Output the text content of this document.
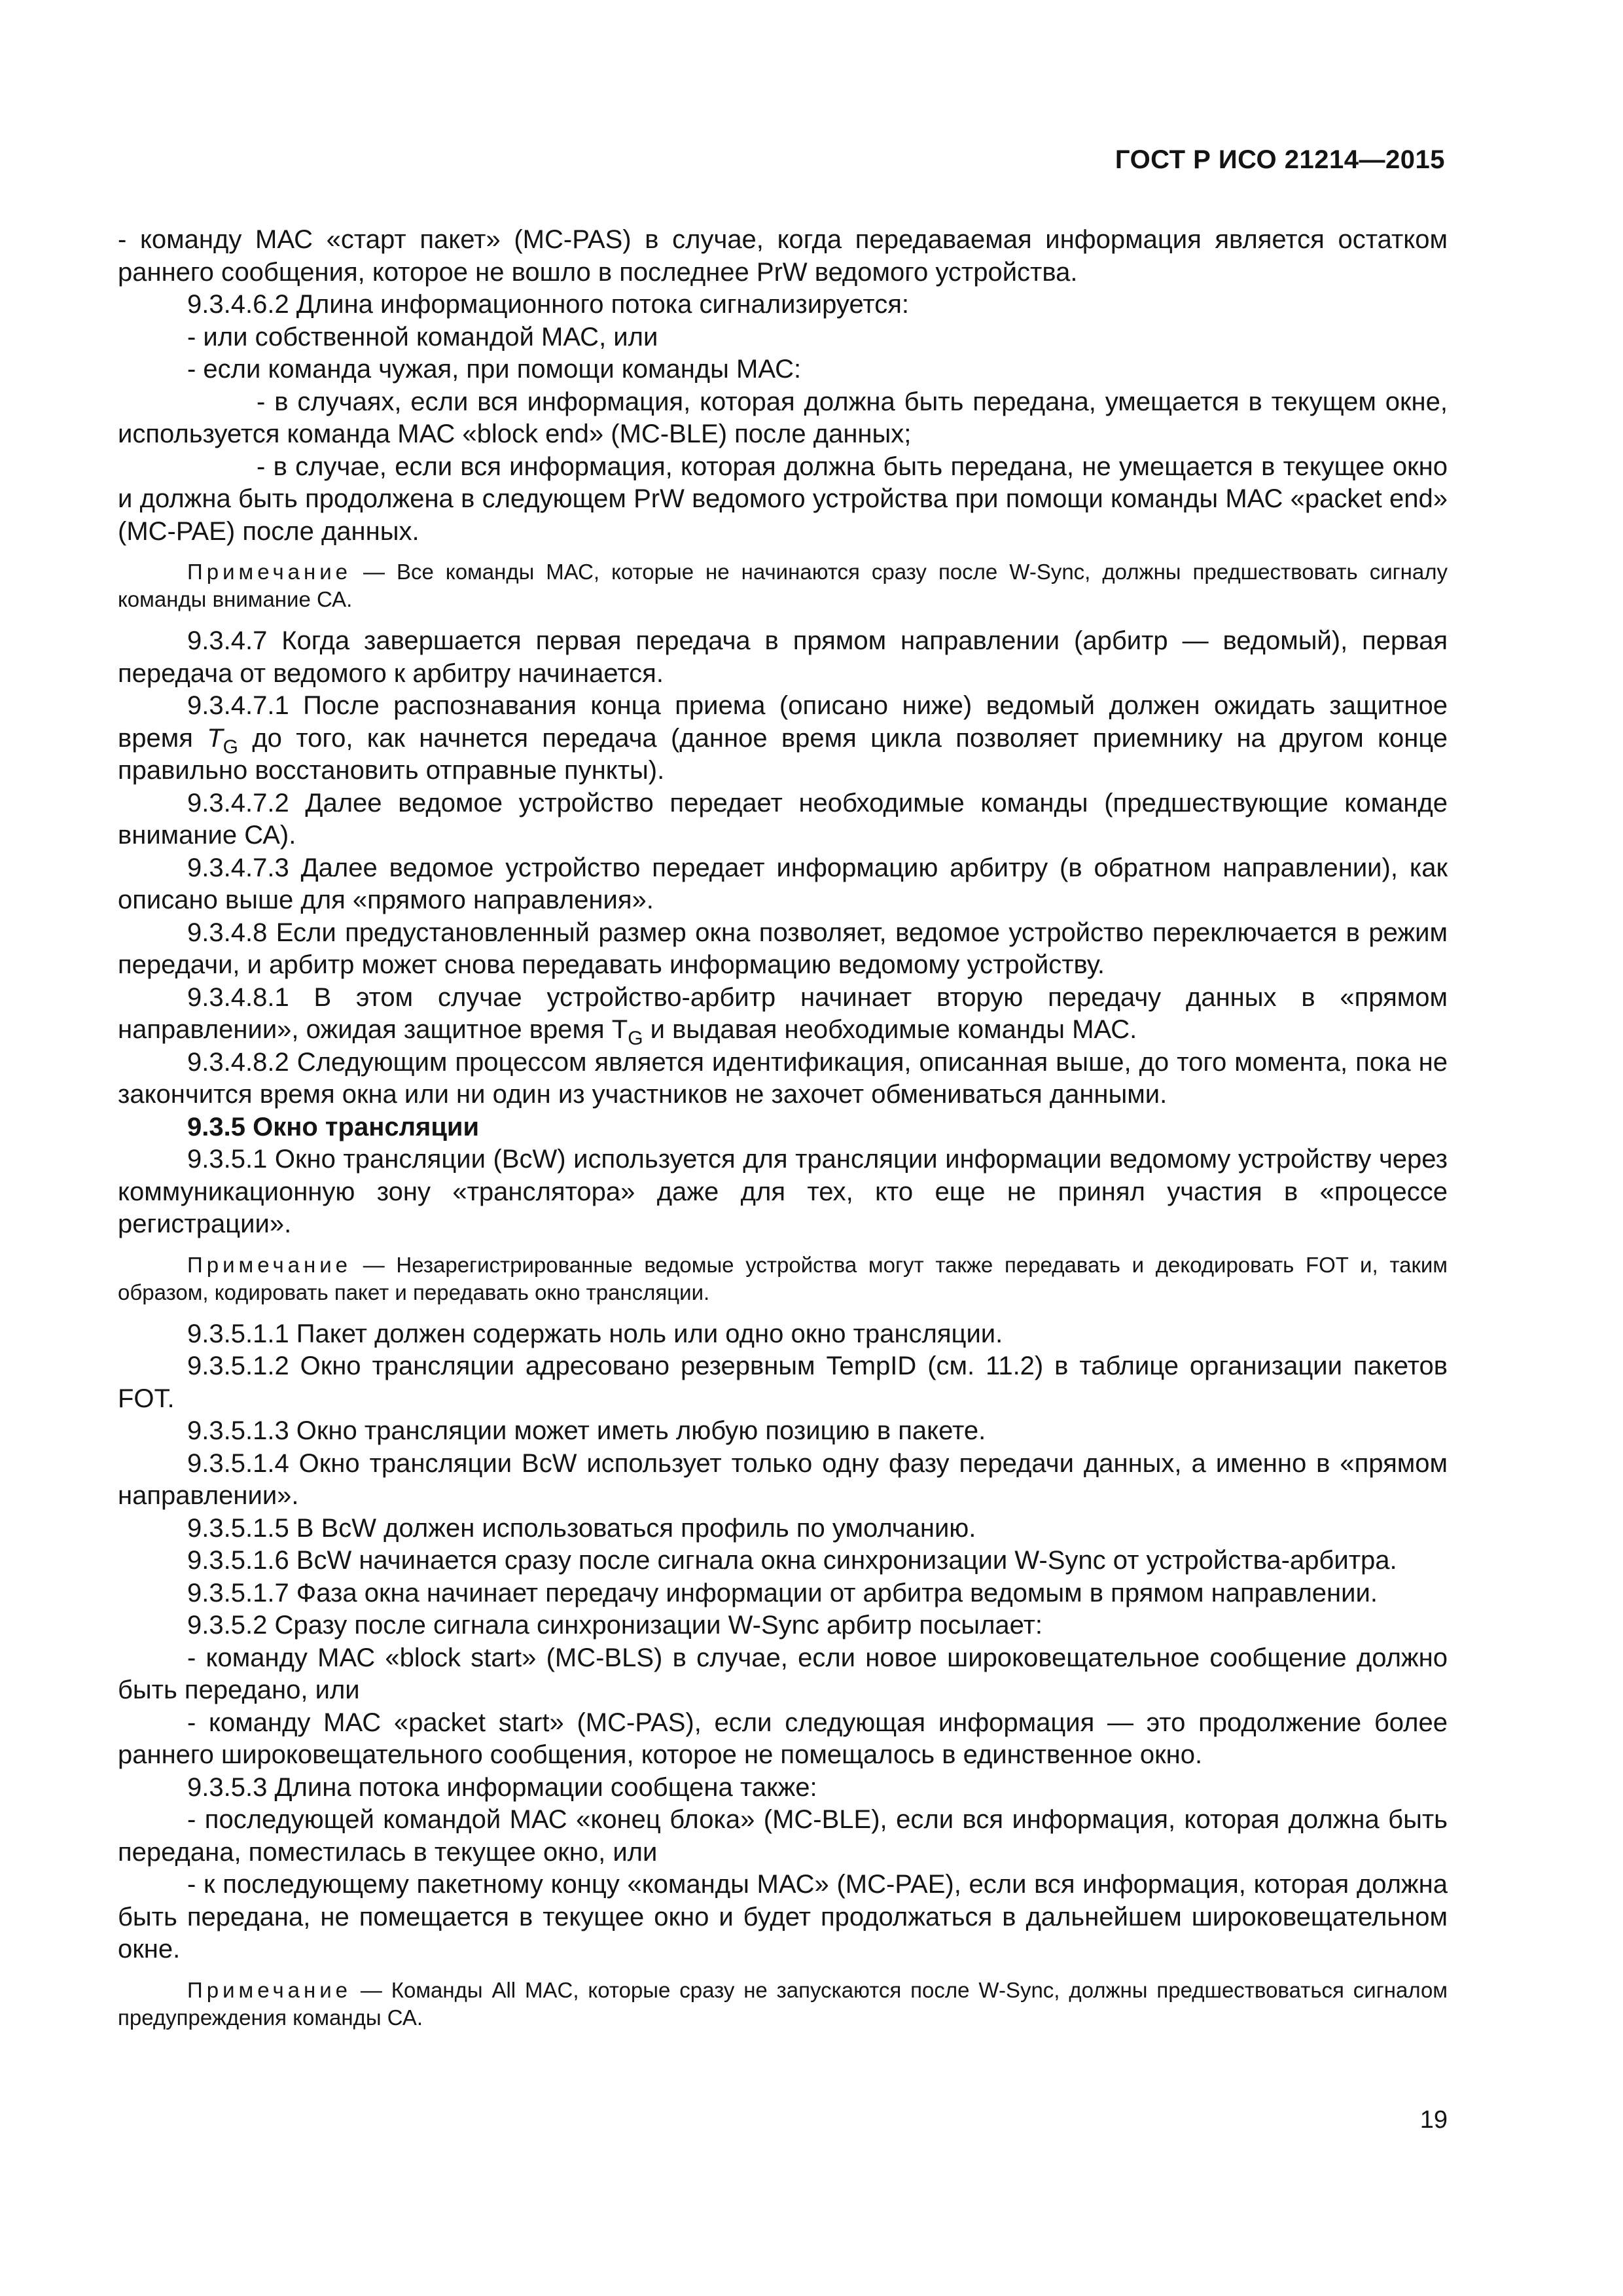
ГОСТ Р ИСО 21214—2015

- команду МАС «старт пакет» (MC-PAS) в случае, когда передаваемая информация является остатком раннего сообщения, которое не вошло в последнее PrW ведомого устройства.

9.3.4.6.2 Длина информационного потока сигнализируется:

- или собственной командой МАС, или

- если команда чужая, при помощи команды МАС:

- в случаях, если вся информация, которая должна быть передана, умещается в текущем окне, используется команда МАС «block end» (MC-BLE) после данных;

- в случае, если вся информация, которая должна быть передана, не умещается в текущее окно и должна быть продолжена в следующем PrW ведомого устройства при помощи команды МАС «packet end» (MC-PAE) после данных.

Примечание — Все команды МАС, которые не начинаются сразу после W-Sync, должны предшествовать сигналу команды внимание СА.

9.3.4.7 Когда завершается первая передача в прямом направлении (арбитр — ведомый), первая передача от ведомого к арбитру начинается.

9.3.4.7.1 После распознавания конца приема (описано ниже) ведомый должен ожидать защитное время $T_G$ до того, как начнется передача (данное время цикла позволяет приемнику на другом конце правильно восстановить отправные пункты).

9.3.4.7.2 Далее ведомое устройство передает необходимые команды (предшествующие команде внимание СА).

9.3.4.7.3 Далее ведомое устройство передает информацию арбитру (в обратном направлении), как описано выше для «прямого направления».

9.3.4.8 Если предустановленный размер окна позволяет, ведомое устройство переключается в режим передачи, и арбитр может снова передавать информацию ведомому устройству.

9.3.4.8.1 В этом случае устройство-арбитр начинает вторую передачу данных в «прямом направлении», ожидая защитное время $T_G$ и выдавая необходимые команды МАС.

9.3.4.8.2 Следующим процессом является идентификация, описанная выше, до того момента, пока не закончится время окна или ни один из участников не захочет обмениваться данными.

9.3.5 Окно трансляции

9.3.5.1 Окно трансляции (BcW) используется для трансляции информации ведомому устройству через коммуникационную зону «транслятора» даже для тех, кто еще не принял участия в «процессе регистрации».

Примечание — Незарегистрированные ведомые устройства могут также передавать и декодировать FOT и, таким образом, кодировать пакет и передавать окно трансляции.

9.3.5.1.1 Пакет должен содержать ноль или одно окно трансляции.

9.3.5.1.2 Окно трансляции адресовано резервным TempID (см. 11.2) в таблице организации пакетов FOT.

9.3.5.1.3 Окно трансляции может иметь любую позицию в пакете.

9.3.5.1.4 Окно трансляции BcW использует только одну фазу передачи данных, а именно в «прямом направлении».

9.3.5.1.5 В BcW должен использоваться профиль по умолчанию.

9.3.5.1.6 BcW начинается сразу после сигнала окна синхронизации W-Sync от устройства-арбитра.

9.3.5.1.7 Фаза окна начинает передачу информации от арбитра ведомым в прямом направлении.

9.3.5.2 Сразу после сигнала синхронизации W-Sync арбитр посылает:

- команду МАС «block start» (MC-BLS) в случае, если новое широковещательное сообщение должно быть передано, или

- команду МАС «packet start» (MC-PAS), если следующая информация — это продолжение более раннего широковещательного сообщения, которое не помещалось в единственное окно.

9.3.5.3 Длина потока информации сообщена также:

- последующей командой МАС «конец блока» (MC-BLE), если вся информация, которая должна быть передана, поместилась в текущее окно, или

- к последующему пакетному концу «команды МАС» (MC-PAE), если вся информация, которая должна быть передана, не помещается в текущее окно и будет продолжаться в дальнейшем широковещательном окне.

Примечание — Команды All MAC, которые сразу не запускаются после W-Sync, должны предшествоваться сигналом предупреждения команды СА.

19
